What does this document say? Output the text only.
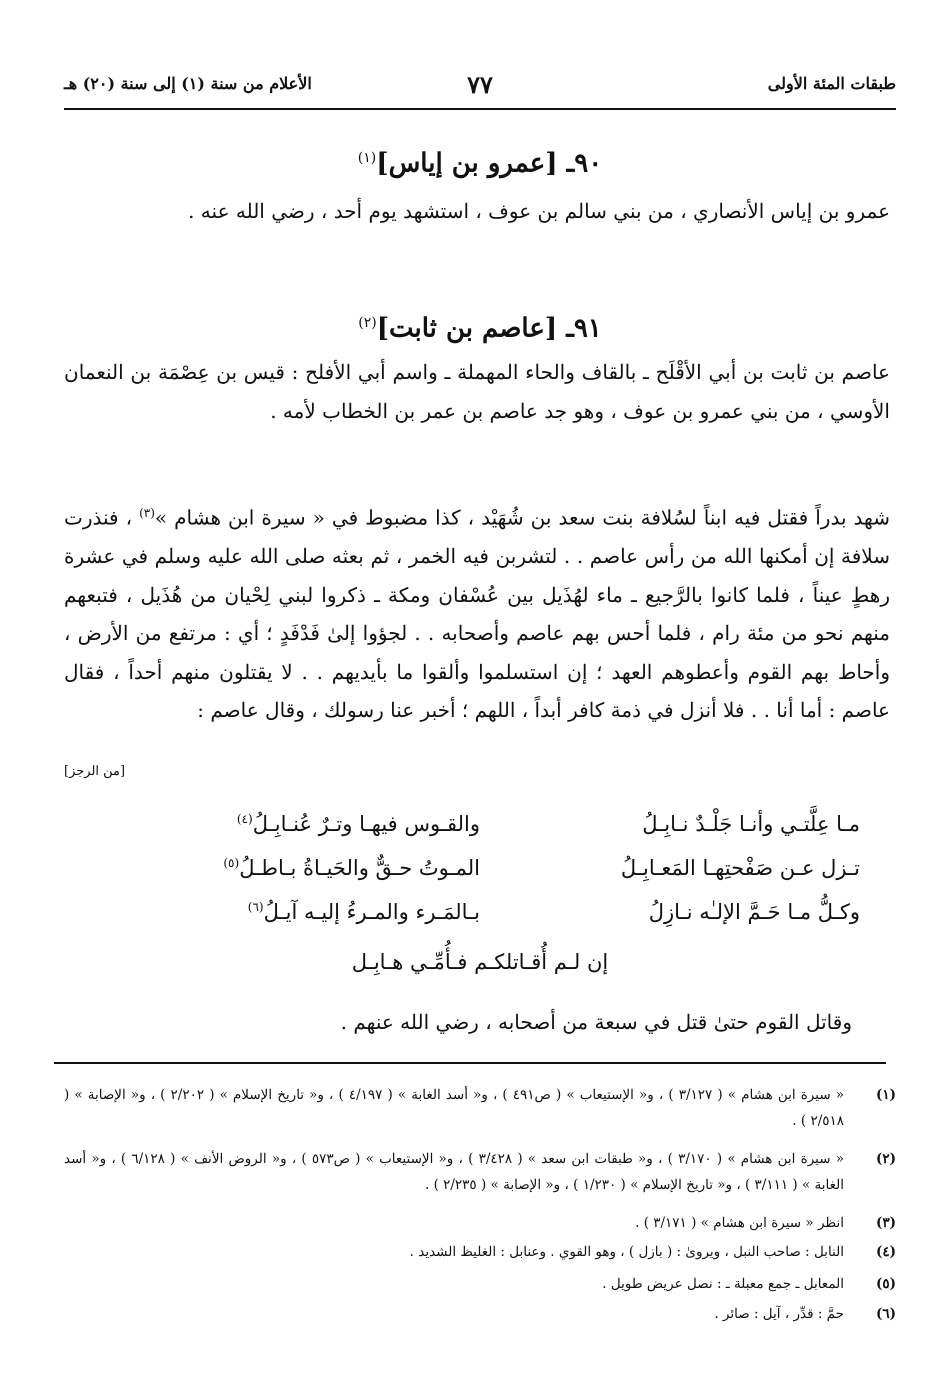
طبقات المئة الأولى
٧٧
الأعلام من سنة (١) إلى سنة (٢٠) هـ
٩٠ـ [عمرو بن إياس]$^{(١)}$
عمرو بن إياس الأنصاري ، من بني سالم بن عوف ، استشهد يوم أحد ، رضي الله عنه .
٩١ـ [عاصم بن ثابت]$^{(٢)}$
عاصم بن ثابت بن أبي الأقْلَح ـ بالقاف والحاء المهملة ـ واسم أبي الأفلح : قيس بن عِصْمَة بن النعمان الأوسي ، من بني عمرو بن عوف ، وهو جد عاصم بن عمر بن الخطاب لأمه .
شهد بدراً فقتل فيه ابناً لسُلافة بنت سعد بن شُهَيْد ، كذا مضبوط في « سيرة ابن هشام »$^{(٣)}$ ، فنذرت سلافة إن أمكنها الله من رأس عاصم . . لتشربن فيه الخمر ، ثم بعثه صلى الله عليه وسلم في عشرة رهطٍ عيناً ، فلما كانوا بالرَّجيع ـ ماء لهُذَيل بين عُسْفان ومكة ـ ذكروا لبني لِحْيان من هُذَيل ، فتبعهم منهم نحو من مئة رام ، فلما أحس بهم عاصم وأصحابه . . لجؤوا إلىٰ فَدْفَدٍ ؛ أي : مرتفع من الأرض ، وأحاط بهم القوم وأعطوهم العهد ؛ إن استسلموا وألقوا ما بأيديهم . . لا يقتلون منهم أحداً ، فقال عاصم : أما أنا . . فلا أنزل في ذمة كافر أبداً ، اللهم ؛ أخبر عنا رسولك ، وقال عاصم :
[من الرجز]
مـا عِلَّتـي وأنـا جَلْـدٌ نـابِـلُ
والقـوس فيهـا وتـرٌ عُنـابِـلُ$^{(٤)}$
تـزل عـن صَفْحتِهـا المَعـابِـلُ
المـوتُ حـقٌّ والحَيـاةُ بـاطـلُ$^{(٥)}$
وكـلُّ مـا حَـمَّ الإلـٰه نـازِلُ
بـالمَـرء والمـرءُ إليـه آيـلُ$^{(٦)}$
إن لـم أُقـاتلكـم فـأُمِّـي هـابِـل
وقاتل القوم حتىٰ قتل في سبعة من أصحابه ، رضي الله عنهم .
(١)
« سيرة ابن هشام » ( ٣/١٢٧ ) ، و« الإستيعاب » ( ص٤٩١ ) ، و« أسد الغابة » ( ٤/١٩٧ ) ، و« تاريخ الإسلام » ( ٢/٢٠٢ ) ، و« الإصابة » ( ٢/٥١٨ ) .
(٢)
« سيرة ابن هشام » ( ٣/١٧٠ ) ، و« طبقات ابن سعد » ( ٣/٤٢٨ ) ، و« الإستيعاب » ( ص٥٧٣ ) ، و« الروض الأنف » ( ٦/١٢٨ ) ، و« أسد الغابة » ( ٣/١١١ ) ، و« تاريخ الإسلام » ( ١/٢٣٠ ) ، و« الإصابة » ( ٢/٢٣٥ ) .
(٣)
انظر « سيرة ابن هشام » ( ٣/١٧١ ) .
(٤)
النابل : صاحب النبل ، ويروىٰ : ( بازل ) ، وهو القوي . وعنابل : الغليظ الشديد .
(٥)
المعابل ـ جمع معبلة ـ : نصل عريض طويل .
(٦)
حمَّ : قدِّر ، آيل : صائر .
